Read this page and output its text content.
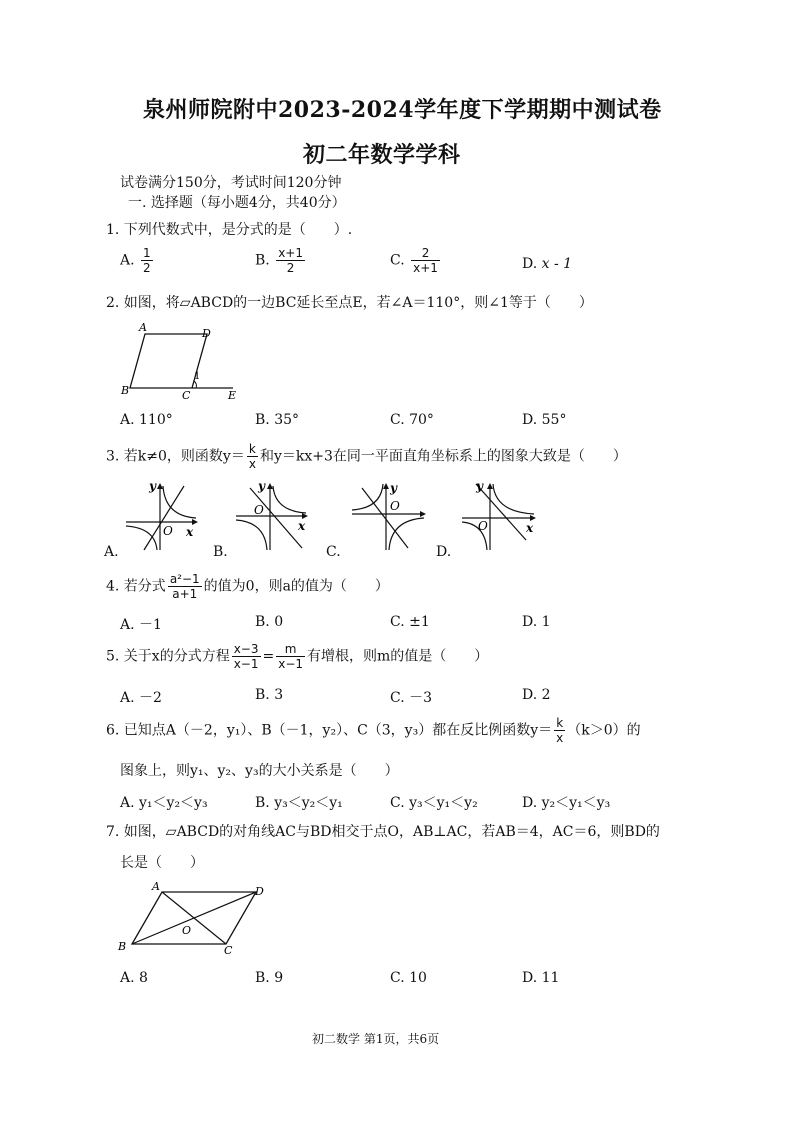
泉州师院附中2023-2024学年度下学期期中测试卷
初二年数学学科
试卷满分150分，考试时间120分钟
一. 选择题（每小题4分，共40分）
1. 下列代数式中，是分式的是（　　）.
A. $\frac{1}{2}$	B. $\frac{x+1}{2}$	C. $\frac{2}{x+1}$	D. x - 1
2. 如图，将▱ABCD的一边BC延长至点E，若∠A＝110°，则∠1等于（　　）
A	D
B	C	E
1
A. 110°	B. 35°	C. 70°	D. 55°
3. 若k≠0，则函数$y= \frac{k}{x}$ 和y＝kx+3在同一平面直角坐标系上的图象大致是（　　）
y
x
O
A.
y
x
O
B.
y
O
C.
y
x
O
D.
4. 若分式 $\frac{\text{a²−1}}{a+1}$ 的值为0，则a的值为（　　）
A. －1	B. 0	C. ±1	D. 1
5. 关于x的分式方程 $\frac{x-3}{x-1} = \frac{m}{x-1}$ 有增根，则m的值是（　　）
A. －2	B. 3	C. －3	D. 2
6. 已知点A（－2，y₁）、B（－1，y₂）、C（3，y₃）都在反比例函数$y= \frac{k}{x} (k>0)$的
图象上，则y₁、y₂、y₃的大小关系是（　　）
A. y₁＜y₂＜y₃	B. y₃＜y₂＜y₁	C. y₃＜y₁＜y₂	D. y₂＜y₁＜y₃
7. 如图，▱ABCD的对角线AC与BD相交于点O，AB⊥AC，若AB＝4，AC＝6，则BD的
长是（　　）
A	D
B	C
O
A. 8	B. 9	C. 10	D. 11
初二数学 第1页，共6页
